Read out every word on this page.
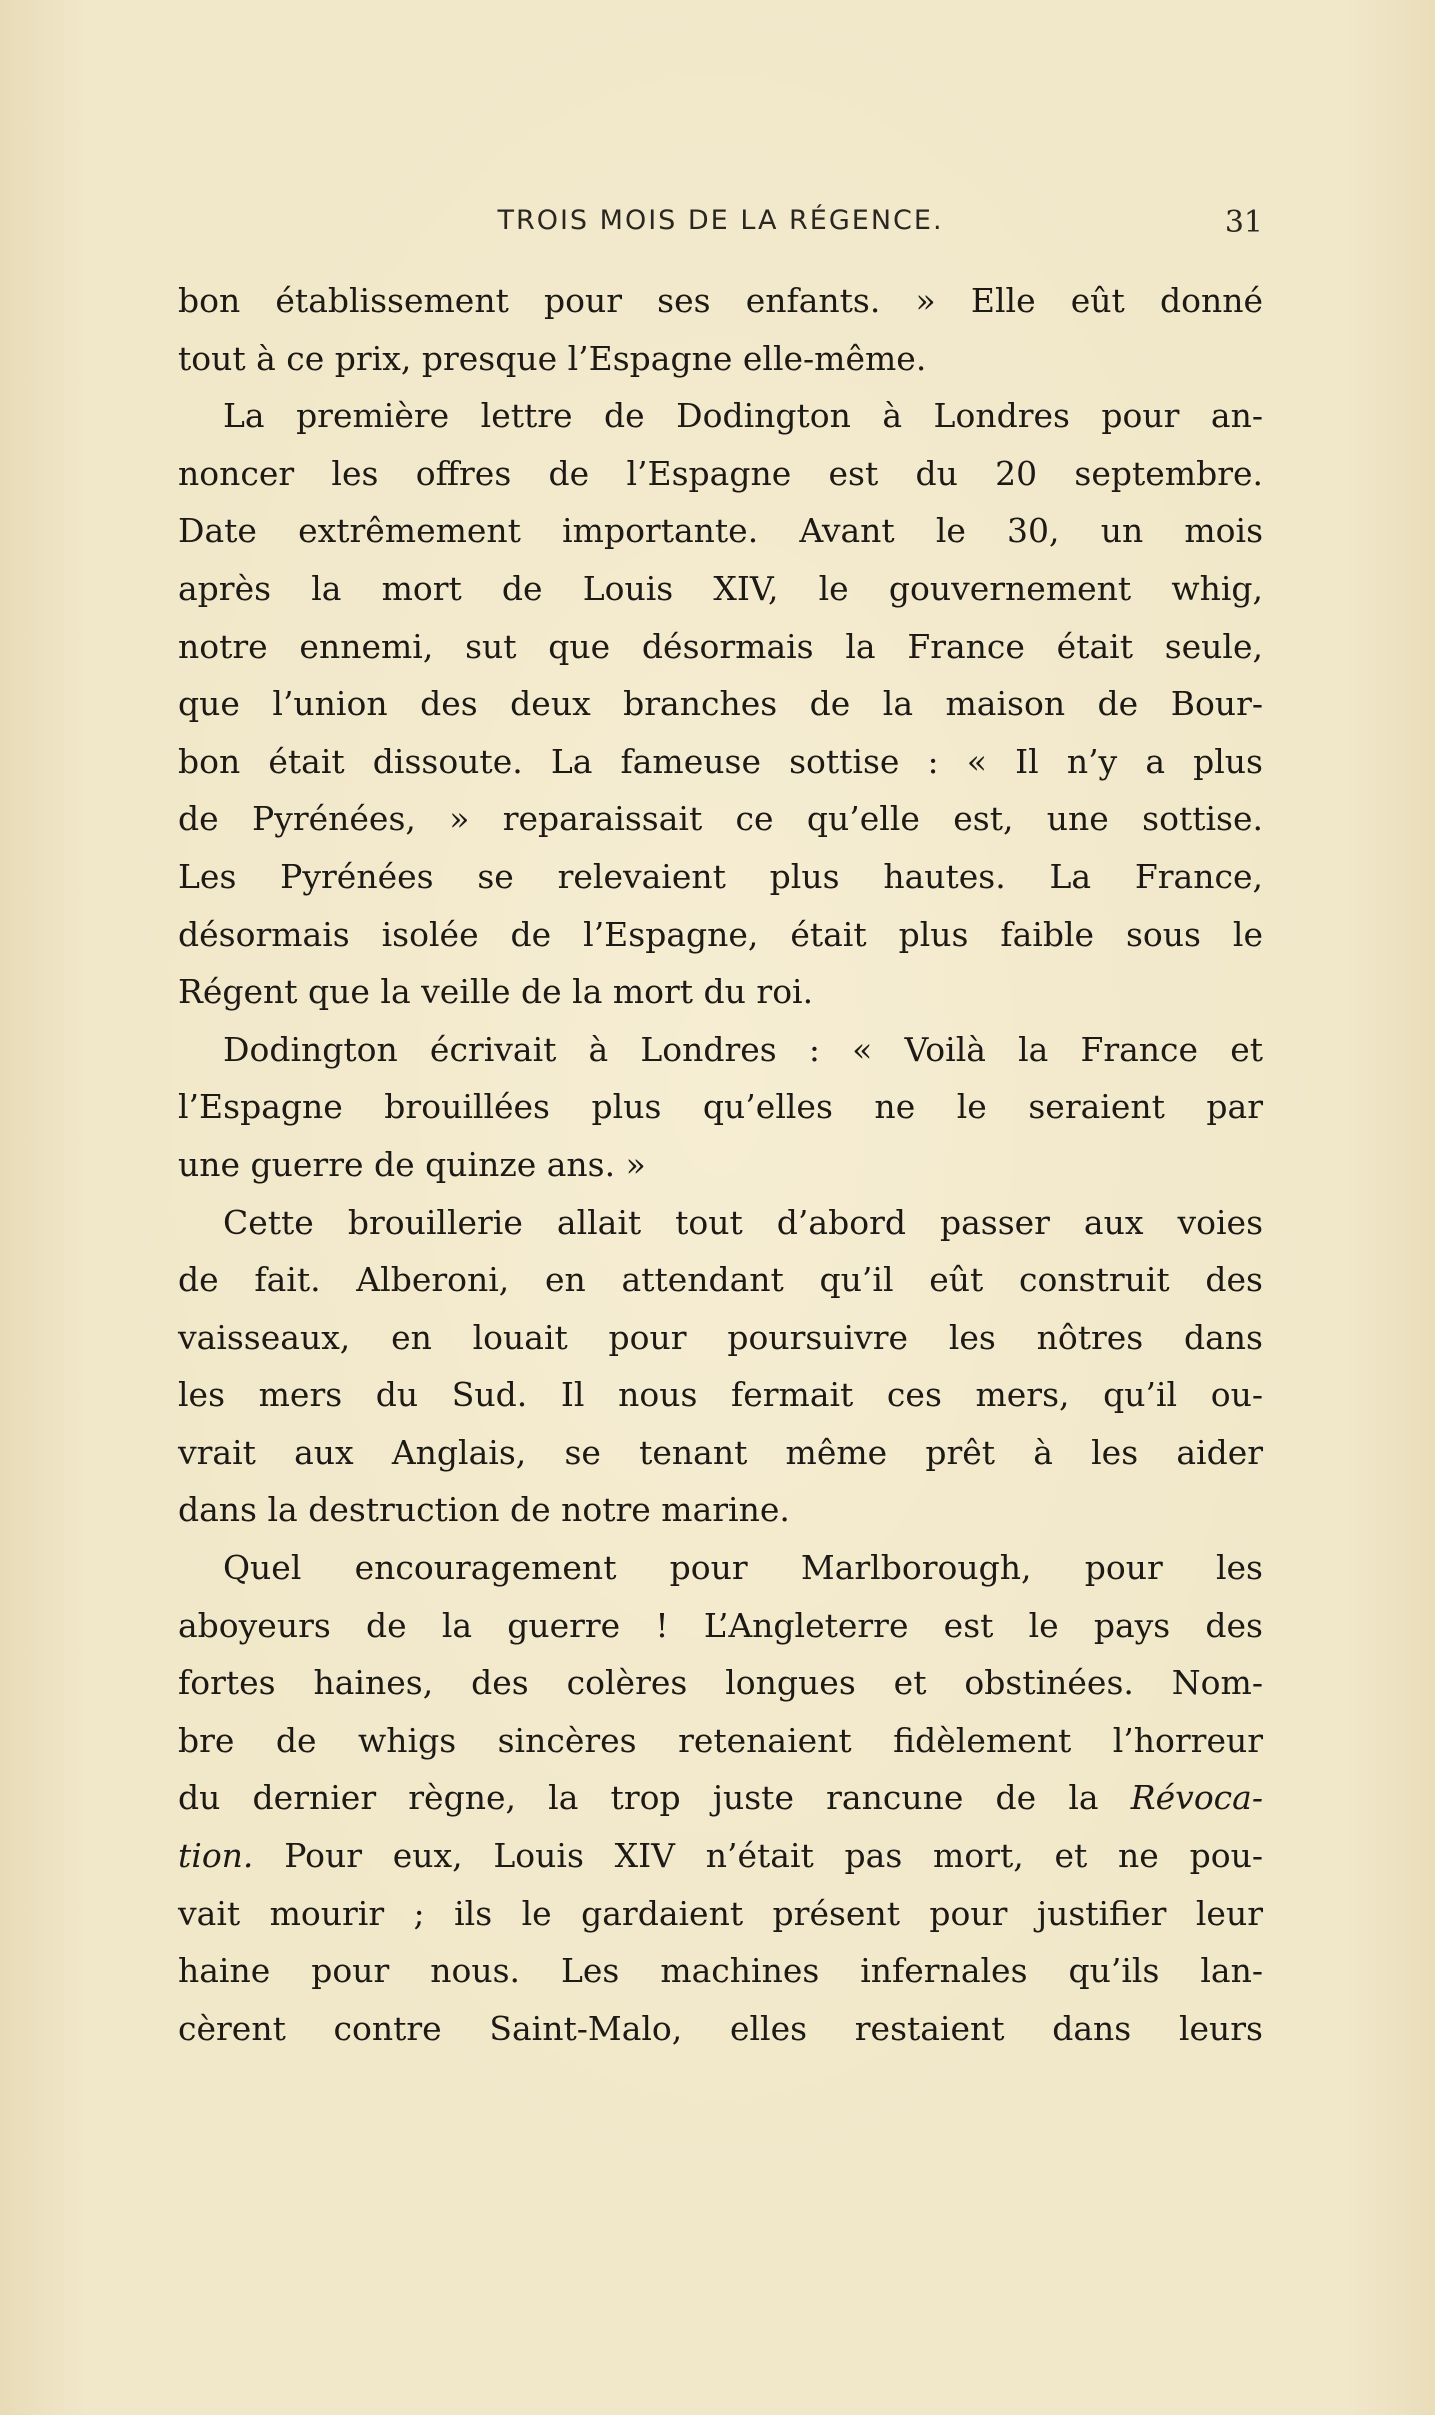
TROIS MOIS DE LA RÉGENCE.	31
bon établissement pour ses enfants. » Elle eût donné
tout à ce prix, presque l’Espagne elle-même.
La première lettre de Dodington à Londres pour an-
noncer les offres de l’Espagne est du 20 septembre.
Date extrêmement importante. Avant le 30, un mois
après la mort de Louis XIV, le gouvernement whig,
notre ennemi, sut que désormais la France était seule,
que l’union des deux branches de la maison de Bour-
bon était dissoute. La fameuse sottise : « Il n’y a plus
de Pyrénées, » reparaissait ce qu’elle est, une sottise.
Les Pyrénées se relevaient plus hautes. La France,
désormais isolée de l’Espagne, était plus faible sous le
Régent que la veille de la mort du roi.
Dodington écrivait à Londres : « Voilà la France et
l’Espagne brouillées plus qu’elles ne le seraient par
une guerre de quinze ans. »
Cette brouillerie allait tout d’abord passer aux voies
de fait. Alberoni, en attendant qu’il eût construit des
vaisseaux, en louait pour poursuivre les nôtres dans
les mers du Sud. Il nous fermait ces mers, qu’il ou-
vrait aux Anglais, se tenant même prêt à les aider
dans la destruction de notre marine.
Quel encouragement pour Marlborough, pour les
aboyeurs de la guerre ! L’Angleterre est le pays des
fortes haines, des colères longues et obstinées. Nom-
bre de whigs sincères retenaient fidèlement l’horreur
du dernier règne, la trop juste rancune de la Révoca-
tion. Pour eux, Louis XIV n’était pas mort, et ne pou-
vait mourir ; ils le gardaient présent pour justifier leur
haine pour nous. Les machines infernales qu’ils lan-
cèrent contre Saint-Malo, elles restaient dans leurs
